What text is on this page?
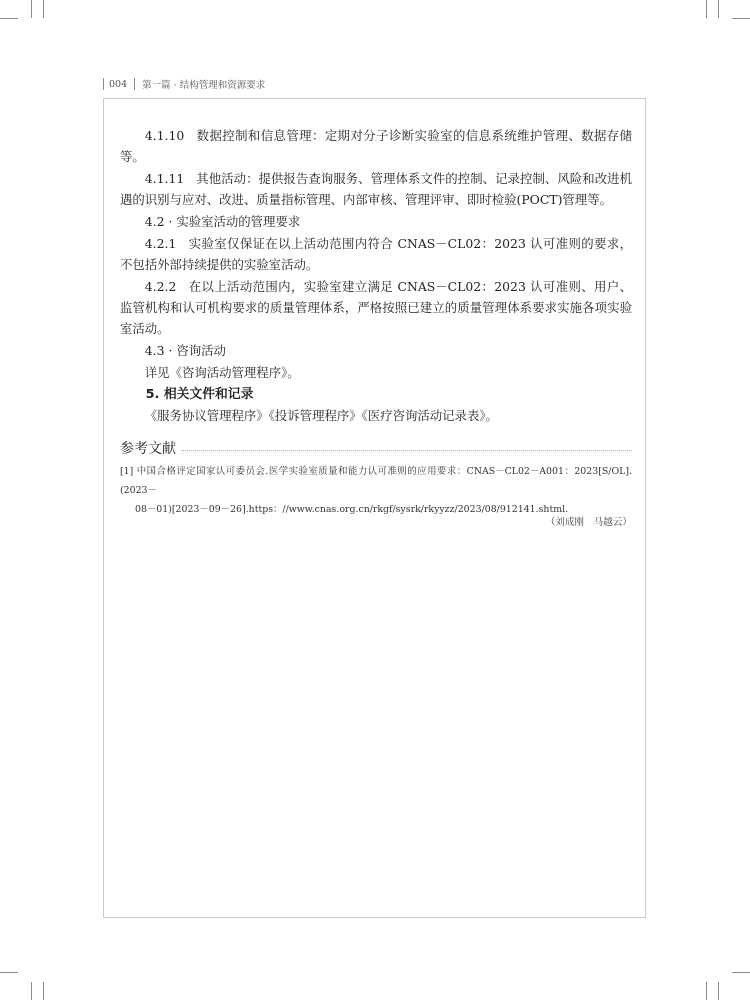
004	第一篇 · 结构管理和资源要求

4.1.10 数据控制和信息管理：定期对分子诊断实验室的信息系统维护管理、数据存储等。

4.1.11 其他活动：提供报告查询服务、管理体系文件的控制、记录控制、风险和改进机遇的识别与应对、改进、质量指标管理、内部审核、管理评审、即时检验(POCT)管理等。

4.2 · 实验室活动的管理要求

4.2.1 实验室仅保证在以上活动范围内符合 CNAS－CL02：2023 认可准则的要求，不包括外部持续提供的实验室活动。

4.2.2 在以上活动范围内，实验室建立满足 CNAS－CL02：2023 认可准则、用户、监管机构和认可机构要求的质量管理体系，严格按照已建立的质量管理体系要求实施各项实验室活动。

4.3 · 咨询活动

详见《咨询活动管理程序》。

5. 相关文件和记录

《服务协议管理程序》《投诉管理程序》《医疗咨询活动记录表》。

参考文献
[1] 中国合格评定国家认可委员会.医学实验室质量和能力认可准则的应用要求：CNAS－CL02－A001：2023[S/OL].(2023－
08－01)[2023－09－26].https：//www.cnas.org.cn/rkgf/sysrk/rkyyzz/2023/08/912141.shtml.
（刘成刚　马越云）
